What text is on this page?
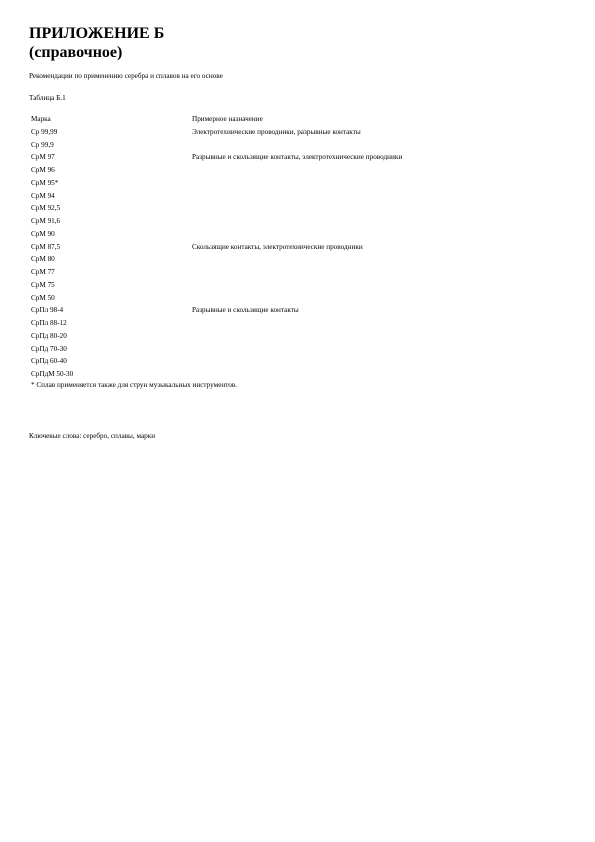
ПРИЛОЖЕНИЕ Б
(справочное)
Рекомендации по применению серебра и сплавов на его основе
Таблица Б.1
Марка	Примерное назначение
Ср 99,99	Электротехнические проводники, разрывные контакты
Ср 99,9
СрМ 97	Разрывные и скользящие контакты, электротехнические проводники
СрМ 96
СрМ 95*
СрМ 94
СрМ 92,5
СрМ 91,6
СрМ 90
СрМ 87,5	Скользящие контакты, электротехнические проводники
СрМ 80
СрМ 77
СрМ 75
СрМ 50
СрПл 98-4	Разрывные и скользящие контакты
СрПл 88-12
СрПд 80-20
СрПд 70-30
СрПд 60-40
СрПдМ 50-30
* Сплав применяется также для струн музыкальных инструментов.
Ключевые слова: серебро, сплавы, марки
